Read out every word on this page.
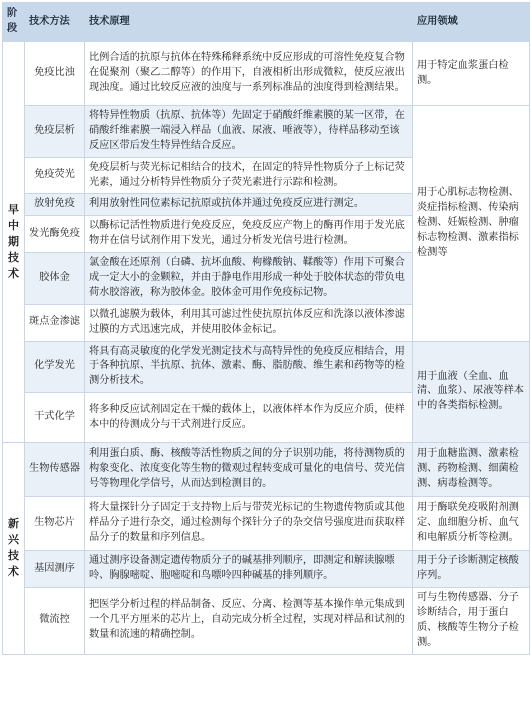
阶段	技术方法	技术原理	应用领域
早中期技术	免疫比浊	比例合适的抗原与抗体在特殊稀释系统中反应形成的可溶性免疫复合物在促聚剂（聚乙二醇等）的作用下，自液相析出形成微粒，使反应液出现浊度。通过比较反应液的浊度与一系列标准品的浊度得到检测结果。	用于特定血浆蛋白检测。
	免疫层析	将特异性物质（抗原、抗体等）先固定于硝酸纤维素膜的某一区带，在硝酸纤维素膜一端浸入样品（血液、尿液、唾液等），待样品移动至该反应区带后发生特异性结合反应。	用于心肌标志物检测、炎症指标检测、传染病检测、妊娠检测、肿瘤标志物检测、激素指标检测等
	免疫荧光	免疫层析与荧光标记相结合的技术，在固定的特异性物质分子上标记荧光素，通过分析特异性物质分子荧光素进行示踪和检测。	
	放射免疫	利用放射性同位素标记抗原或抗体并通过免疫反应进行测定。	
	发光酶免疫	以酶标记活性物质进行免疫反应，免疫反应产物上的酶再作用于发光底物并在信号试剂作用下发光，通过分析发光信号进行检测。	
	胶体金	氯金酸在还原剂（白磷、抗坏血酸、枸橼酸钠、鞣酸等）作用下可聚合成一定大小的金颗粒，并由于静电作用形成一种处于胶体状态的带负电荷水胶溶液，称为胶体金。胶体金可用作免疫标记物。	
	斑点金渗滤	以微孔滤膜为载体，利用其可滤过性使抗原抗体反应和洗涤以液体渗滤过膜的方式迅速完成，并使用胶体金标记。	
	化学发光	将具有高灵敏度的化学发光测定技术与高特异性的免疫反应相结合，用于各种抗原、半抗原、抗体、激素、酶、脂肪酸、维生素和药物等的检测分析技术。	用于血液（全血、血清、血浆）、尿液等样本中的各类指标检测。
	干式化学	将多种反应试剂固定在干燥的载体上，以液体样本作为反应介质，使样本中的待测成分与干式剂进行反应。	
新兴技术	生物传感器	利用蛋白质、酶、核酸等活性物质之间的分子识别功能，将待测物质的构象变化、浓度变化等生物的微观过程转变成可量化的电信号、荧光信号等物理化学信号，从而达到检测目的。	用于血糖监测、激素检测、药物检测、细菌检测、病毒检测等。
	生物芯片	将大量探针分子固定于支持物上后与带荧光标记的生物遗传物质或其他样品分子进行杂交，通过检测每个探针分子的杂交信号强度进而获取样品分子的数量和序列信息。	用于酶联免疫吸附剂测定、血细胞分析、血气和电解质分析等检测。
	基因测序	通过测序设备测定遗传物质分子的碱基排列顺序，即测定和解读腺嘌呤、胸腺嘧啶、胞嘧啶和鸟嘌呤四种碱基的排列顺序。	用于分子诊断测定核酸序列。
	微流控	把医学分析过程的样品制备、反应、分离、检测等基本操作单元集成到一个几平方厘米的芯片上，自动完成分析全过程，实现对样品和试剂的数量和流速的精确控制。	可与生物传感器、分子诊断结合，用于蛋白质、核酸等生物分子检测。
